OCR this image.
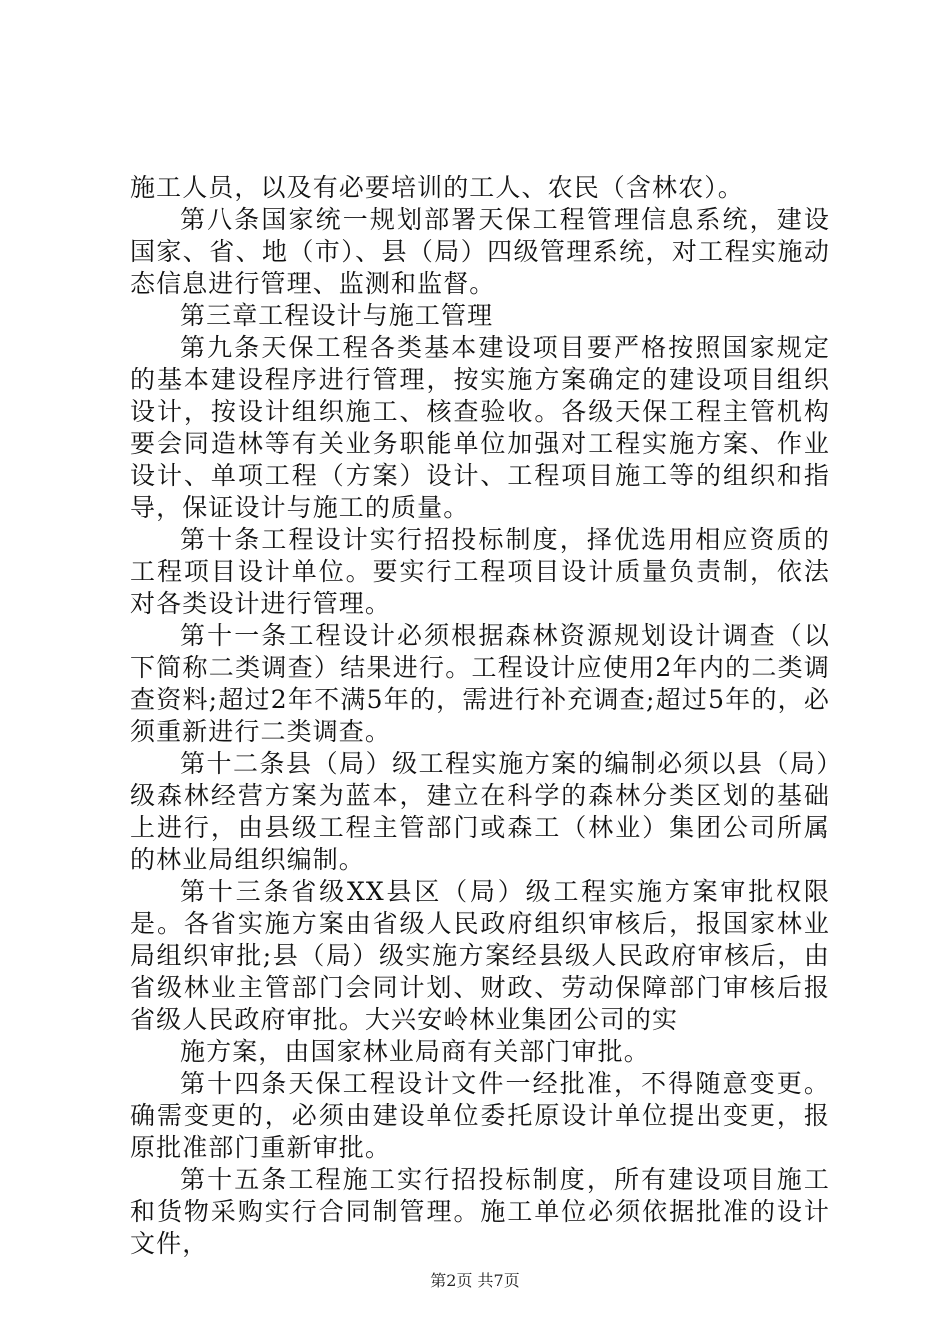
施工人员，以及有必要培训的工人、农民（含林农）。

第八条国家统一规划部署天保工程管理信息系统，建设国家、省、地（市）、县（局）四级管理系统，对工程实施动态信息进行管理、监测和监督。

第三章工程设计与施工管理

第九条天保工程各类基本建设项目要严格按照国家规定的基本建设程序进行管理，按实施方案确定的建设项目组织设计，按设计组织施工、核查验收。各级天保工程主管机构要会同造林等有关业务职能单位加强对工程实施方案、作业设计、单项工程（方案）设计、工程项目施工等的组织和指导，保证设计与施工的质量。

第十条工程设计实行招投标制度，择优选用相应资质的工程项目设计单位。要实行工程项目设计质量负责制，依法对各类设计进行管理。

第十一条工程设计必须根据森林资源规划设计调查（以下简称二类调查）结果进行。工程设计应使用2年内的二类调查资料;超过2年不满5年的，需进行补充调查;超过5年的，必须重新进行二类调查。

第十二条县（局）级工程实施方案的编制必须以县（局）级森林经营方案为蓝本，建立在科学的森林分类区划的基础上进行，由县级工程主管部门或森工（林业）集团公司所属的林业局组织编制。

第十三条省级XX县区（局）级工程实施方案审批权限是。各省实施方案由省级人民政府组织审核后，报国家林业局组织审批;县（局）级实施方案经县级人民政府审核后，由省级林业主管部门会同计划、财政、劳动保障部门审核后报省级人民政府审批。大兴安岭林业集团公司的实

施方案，由国家林业局商有关部门审批。

第十四条天保工程设计文件一经批准，不得随意变更。确需变更的，必须由建设单位委托原设计单位提出变更，报原批准部门重新审批。

第十五条工程施工实行招投标制度，所有建设项目施工和货物采购实行合同制管理。施工单位必须依据批准的设计文件，

第2页 共7页
